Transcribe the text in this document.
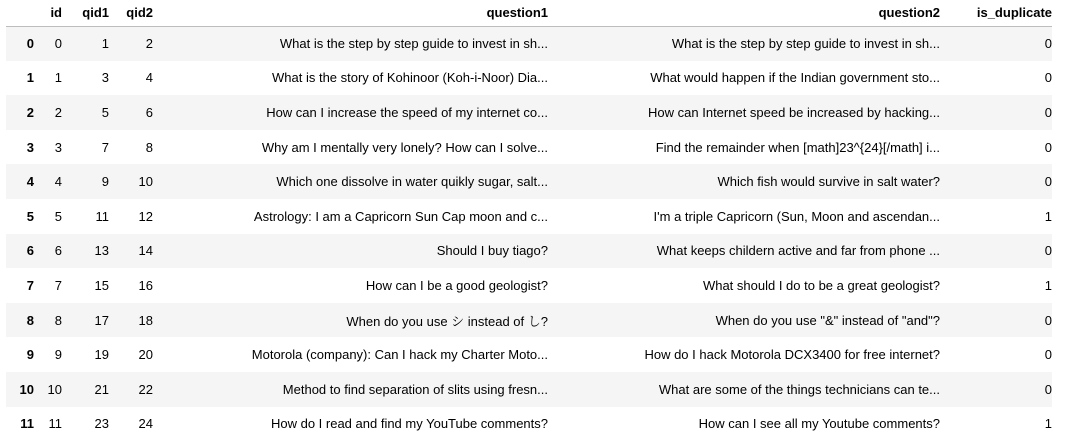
	id	qid1	qid2	question1	question2	is_duplicate
0	0	1	2	What is the step by step guide to invest in sh...	What is the step by step guide to invest in sh...	0
1	1	3	4	What is the story of Kohinoor (Koh-i-Noor) Dia...	What would happen if the Indian government sto...	0
2	2	5	6	How can I increase the speed of my internet co...	How can Internet speed be increased by hacking...	0
3	3	7	8	Why am I mentally very lonely? How can I solve...	Find the remainder when [math]23^{24}[/math] i...	0
4	4	9	10	Which one dissolve in water quikly sugar, salt...	Which fish would survive in salt water?	0
5	5	11	12	Astrology: I am a Capricorn Sun Cap moon and c...	I'm a triple Capricorn (Sun, Moon and ascendan...	1
6	6	13	14	Should I buy tiago?	What keeps childern active and far from phone ...	0
7	7	15	16	How can I be a good geologist?	What should I do to be a great geologist?	1
8	8	17	18	When do you use シ instead of し?	When do you use "&" instead of "and"?	0
9	9	19	20	Motorola (company): Can I hack my Charter Moto...	How do I hack Motorola DCX3400 for free internet?	0
10	10	21	22	Method to find separation of slits using fresn...	What are some of the things technicians can te...	0
11	11	23	24	How do I read and find my YouTube comments?	How can I see all my Youtube comments?	1
